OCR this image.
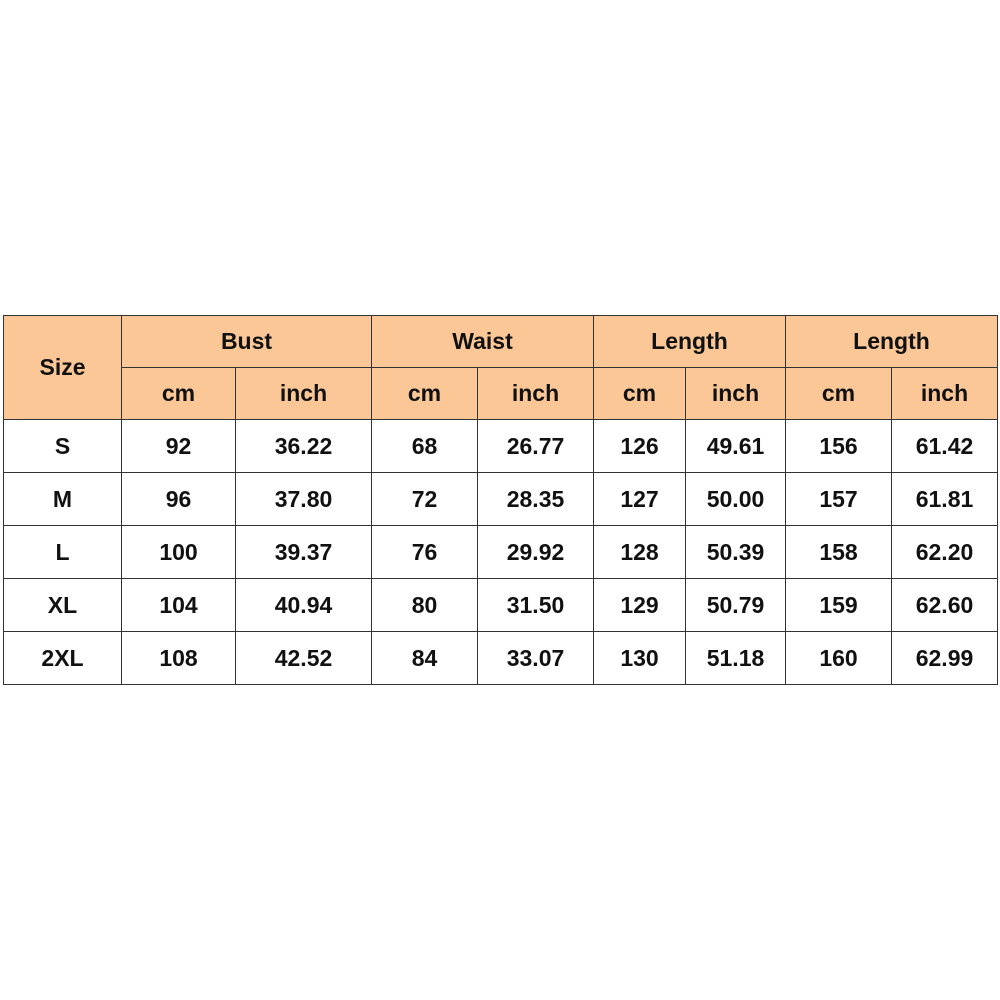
Size	Bust		Waist		Length		Length	
	cm	inch	cm	inch	cm	inch	cm	inch
S	92	36.22	68	26.77	126	49.61	156	61.42
M	96	37.80	72	28.35	127	50.00	157	61.81
L	100	39.37	76	29.92	128	50.39	158	62.20
XL	104	40.94	80	31.50	129	50.79	159	62.60
2XL	108	42.52	84	33.07	130	51.18	160	62.99
